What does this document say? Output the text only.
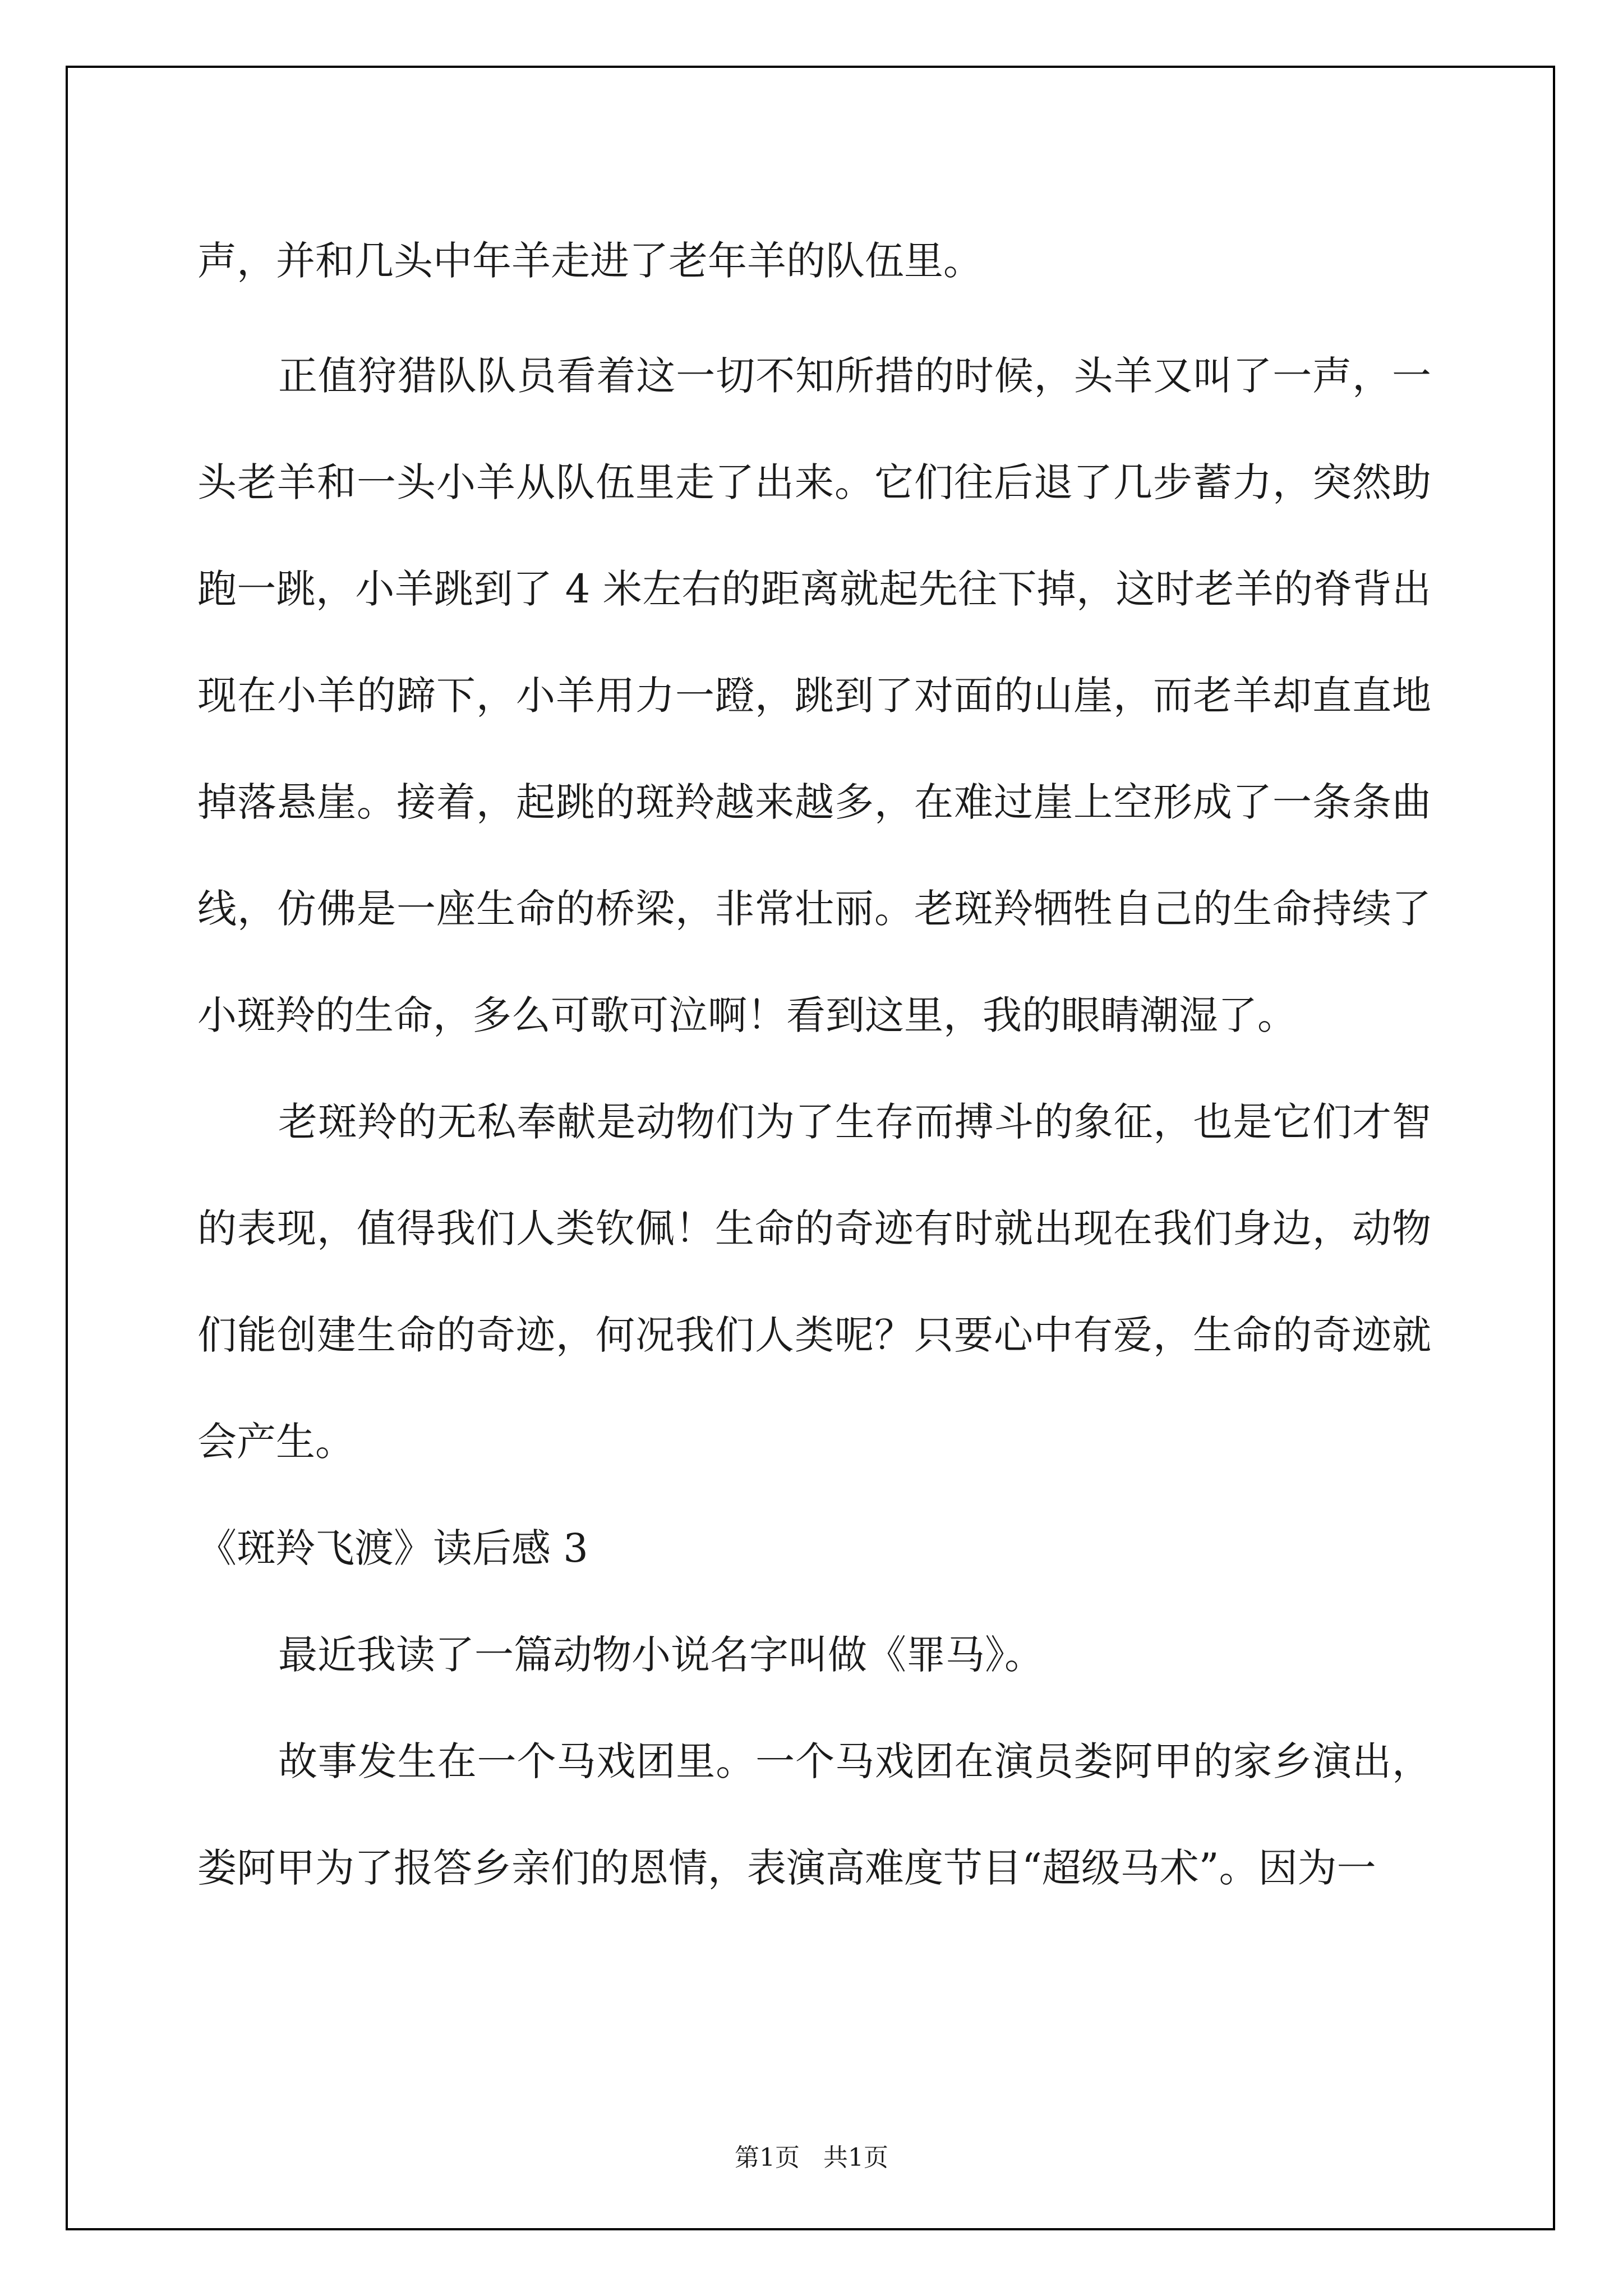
声，并和几头中年羊走进了老年羊的队伍里。

正值狩猎队队员看着这一切不知所措的时候，头羊又叫了一声，一头老羊和一头小羊从队伍里走了出来。它们往后退了几步蓄力，突然助跑一跳，小羊跳到了 4 米左右的距离就起先往下掉，这时老羊的脊背出现在小羊的蹄下，小羊用力一蹬，跳到了对面的山崖，而老羊却直直地掉落悬崖。接着，起跳的斑羚越来越多，在难过崖上空形成了一条条曲线，仿佛是一座生命的桥梁，非常壮丽。老斑羚牺牲自己的生命持续了小斑羚的生命，多么可歌可泣啊！看到这里，我的眼睛潮湿了。

老斑羚的无私奉献是动物们为了生存而搏斗的象征，也是它们才智的表现，值得我们人类钦佩！生命的奇迹有时就出现在我们身边，动物们能创建生命的奇迹，何况我们人类呢？只要心中有爱，生命的奇迹就会产生。

《斑羚飞渡》读后感 3

最近我读了一篇动物小说名字叫做《罪马》。

故事发生在一个马戏团里。一个马戏团在演员娄阿甲的家乡演出，娄阿甲为了报答乡亲们的恩情，表演高难度节目“超级马术”。因为一

第1页   共1页
